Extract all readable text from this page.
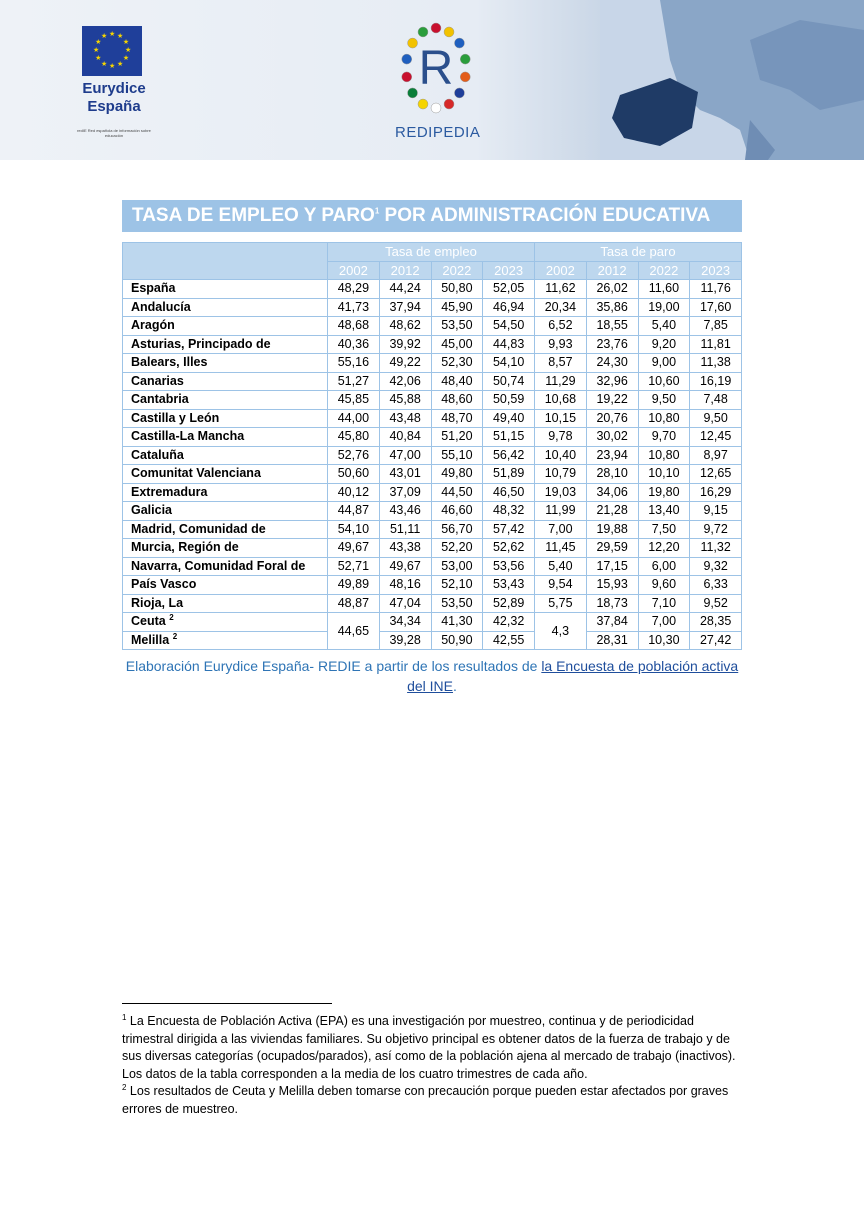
★
★
★
★
★
★
★
★
★ ★ ★
★
Eurydice
España
redIE Red española de información sobre educación
R
REDIPEDIA
TASA DE EMPLEO Y PARO$^1$ POR ADMINISTRACIÓN EDUCATIVA
	Tasa de empleo				Tasa de paro			
	2002	2012	2022	2023	2002	2012	2022	2023
España	48,29	44,24	50,80	52,05	11,62	26,02	11,60	11,76
Andalucía	41,73	37,94	45,90	46,94	20,34	35,86	19,00	17,60
Aragón	48,68	48,62	53,50	54,50	6,52	18,55	5,40	7,85
Asturias, Principado de	40,36	39,92	45,00	44,83	9,93	23,76	9,20	11,81
Balears, Illes	55,16	49,22	52,30	54,10	8,57	24,30	9,00	11,38
Canarias	51,27	42,06	48,40	50,74	11,29	32,96	10,60	16,19
Cantabria	45,85	45,88	48,60	50,59	10,68	19,22	9,50	7,48
Castilla y León	44,00	43,48	48,70	49,40	10,15	20,76	10,80	9,50
Castilla-La Mancha	45,80	40,84	51,20	51,15	9,78	30,02	9,70	12,45
Cataluña	52,76	47,00	55,10	56,42	10,40	23,94	10,80	8,97
Comunitat Valenciana	50,60	43,01	49,80	51,89	10,79	28,10	10,10	12,65
Extremadura	40,12	37,09	44,50	46,50	19,03	34,06	19,80	16,29
Galicia	44,87	43,46	46,60	48,32	11,99	21,28	13,40	9,15
Madrid, Comunidad de	54,10	51,11	56,70	57,42	7,00	19,88	7,50	9,72
Murcia, Región de	49,67	43,38	52,20	52,62	11,45	29,59	12,20	11,32
Navarra, Comunidad Foral de	52,71	49,67	53,00	53,56	5,40	17,15	6,00	9,32
País Vasco	49,89	48,16	52,10	53,43	9,54	15,93	9,60	6,33
Rioja, La	48,87	47,04	53,50	52,89	5,75	18,73	7,10	9,52
Ceuta $^2$	44,65	34,34	41,30	42,32	4,3	37,84	7,00	28,35
Melilla $^2$		39,28	50,90	42,55		28,31	10,30	27,42
Elaboración Eurydice España- REDIE a partir de los resultados de la Encuesta de población activa del INE.

$^1$ La Encuesta de Población Activa (EPA) es una investigación por muestreo, continua y de periodicidad trimestral dirigida a las viviendas familiares. Su objetivo principal es obtener datos de la fuerza de trabajo y de sus diversas categorías (ocupados/parados), así como de la población ajena al mercado de trabajo (inactivos). Los datos de la tabla corresponden a la media de los cuatro trimestres de cada año.

$^2$ Los resultados de Ceuta y Melilla deben tomarse con precaución porque pueden estar afectados por graves errores de muestreo.
